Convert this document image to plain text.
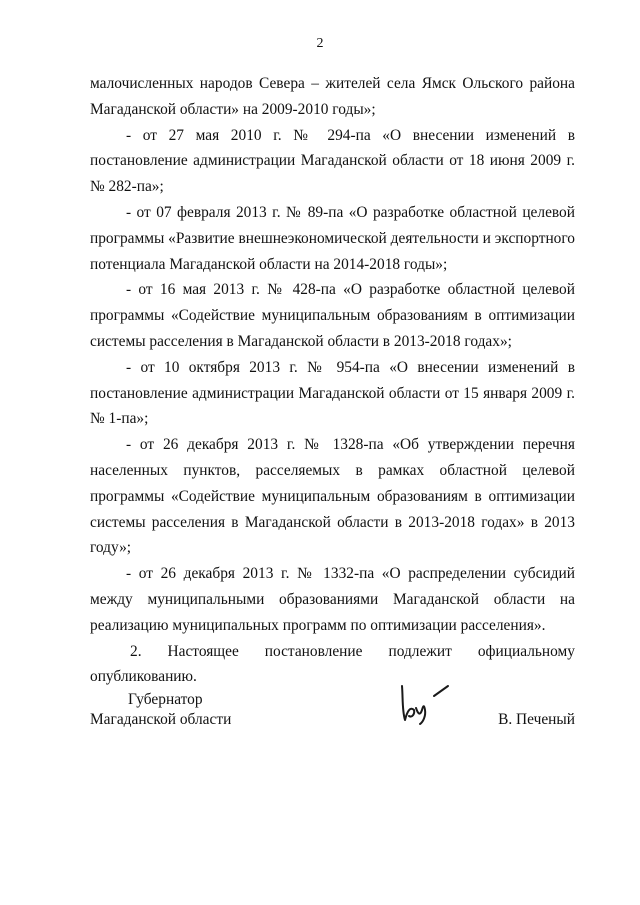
2

малочисленных народов Севера – жителей села Ямск Ольского района Магаданской области» на 2009-2010 годы»;

- от 27 мая 2010 г. № 294-па «О внесении изменений в постановление администрации Магаданской области от 18 июня 2009 г. № 282-па»;

- от 07 февраля 2013 г. № 89-па «О разработке областной целевой программы «Развитие внешнеэкономической деятельности и экспортного потенциала Магаданской области на 2014-2018 годы»;

- от 16 мая 2013 г. № 428-па «О разработке областной целевой программы «Содействие муниципальным образованиям в оптимизации системы расселения в Магаданской области в 2013-2018 годах»;

- от 10 октября 2013 г. № 954-па «О внесении изменений в постановление администрации Магаданской области от 15 января 2009 г. № 1-па»;

- от 26 декабря 2013 г. № 1328-па «Об утверждении перечня населенных пунктов, расселяемых в рамках областной целевой программы «Содействие муниципальным образованиям в оптимизации системы расселения в Магаданской области в 2013-2018 годах» в 2013 году»;

- от 26 декабря 2013 г. № 1332-па «О распределении субсидий между муниципальными образованиями Магаданской области на реализацию муниципальных программ по оптимизации расселения».

2. Настоящее постановление подлежит официальному

опубликованию.

Губернатор
Магаданской области	В. Печеный
